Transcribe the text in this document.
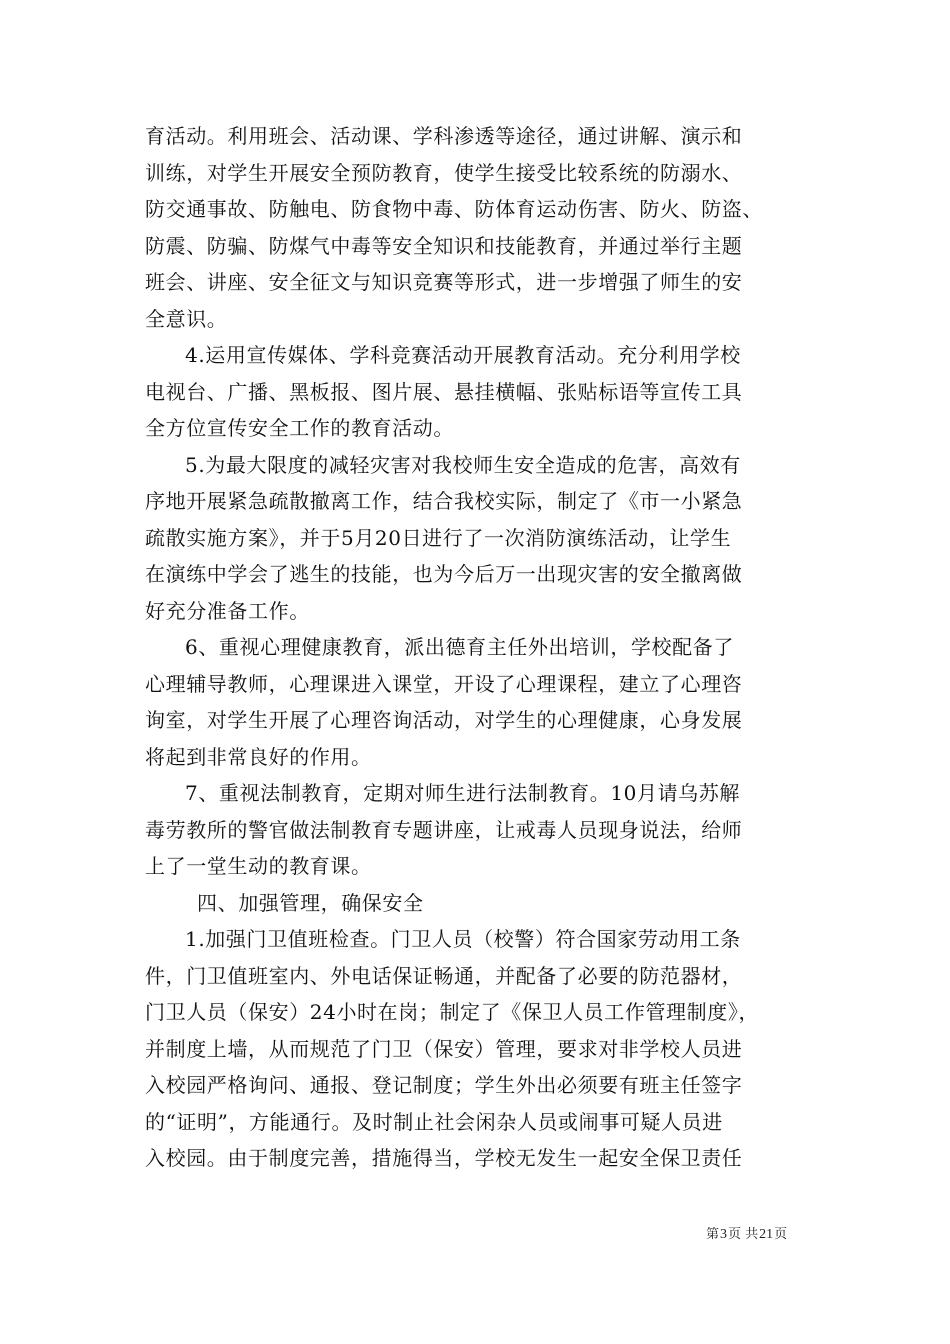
育活动。利用班会、活动课、学科渗透等途径，通过讲解、演示和
训练，对学生开展安全预防教育，使学生接受比较系统的防溺水、
防交通事故、防触电、防食物中毒、防体育运动伤害、防火、防盗、
防震、防骗、防煤气中毒等安全知识和技能教育，并通过举行主题
班会、讲座、安全征文与知识竞赛等形式，进一步增强了师生的安
全意识。
4.运用宣传媒体、学科竞赛活动开展教育活动。充分利用学校
电视台、广播、黑板报、图片展、悬挂横幅、张贴标语等宣传工具
全方位宣传安全工作的教育活动。
5.为最大限度的减轻灾害对我校师生安全造成的危害，高效有
序地开展紧急疏散撤离工作，结合我校实际，制定了《市一小紧急
疏散实施方案》，并于5月20日进行了一次消防演练活动，让学生
在演练中学会了逃生的技能，也为今后万一出现灾害的安全撤离做
好充分准备工作。
6、重视心理健康教育，派出德育主任外出培训，学校配备了
心理辅导教师，心理课进入课堂，开设了心理课程，建立了心理咨
询室，对学生开展了心理咨询活动，对学生的心理健康，心身发展
将起到非常良好的作用。
7、重视法制教育，定期对师生进行法制教育。10月请乌苏解
毒劳教所的警官做法制教育专题讲座，让戒毒人员现身说法，给师
上了一堂生动的教育课。
四、加强管理，确保安全
1.加强门卫值班检查。门卫人员（校警）符合国家劳动用工条
件，门卫值班室内、外电话保证畅通，并配备了必要的防范器材，
门卫人员（保安）24小时在岗；制定了《保卫人员工作管理制度》，
并制度上墙，从而规范了门卫（保安）管理，要求对非学校人员进
入校园严格询问、通报、登记制度；学生外出必须要有班主任签字
的“证明”，方能通行。及时制止社会闲杂人员或闹事可疑人员进
入校园。由于制度完善，措施得当，学校无发生一起安全保卫责任
第3页 共21页
